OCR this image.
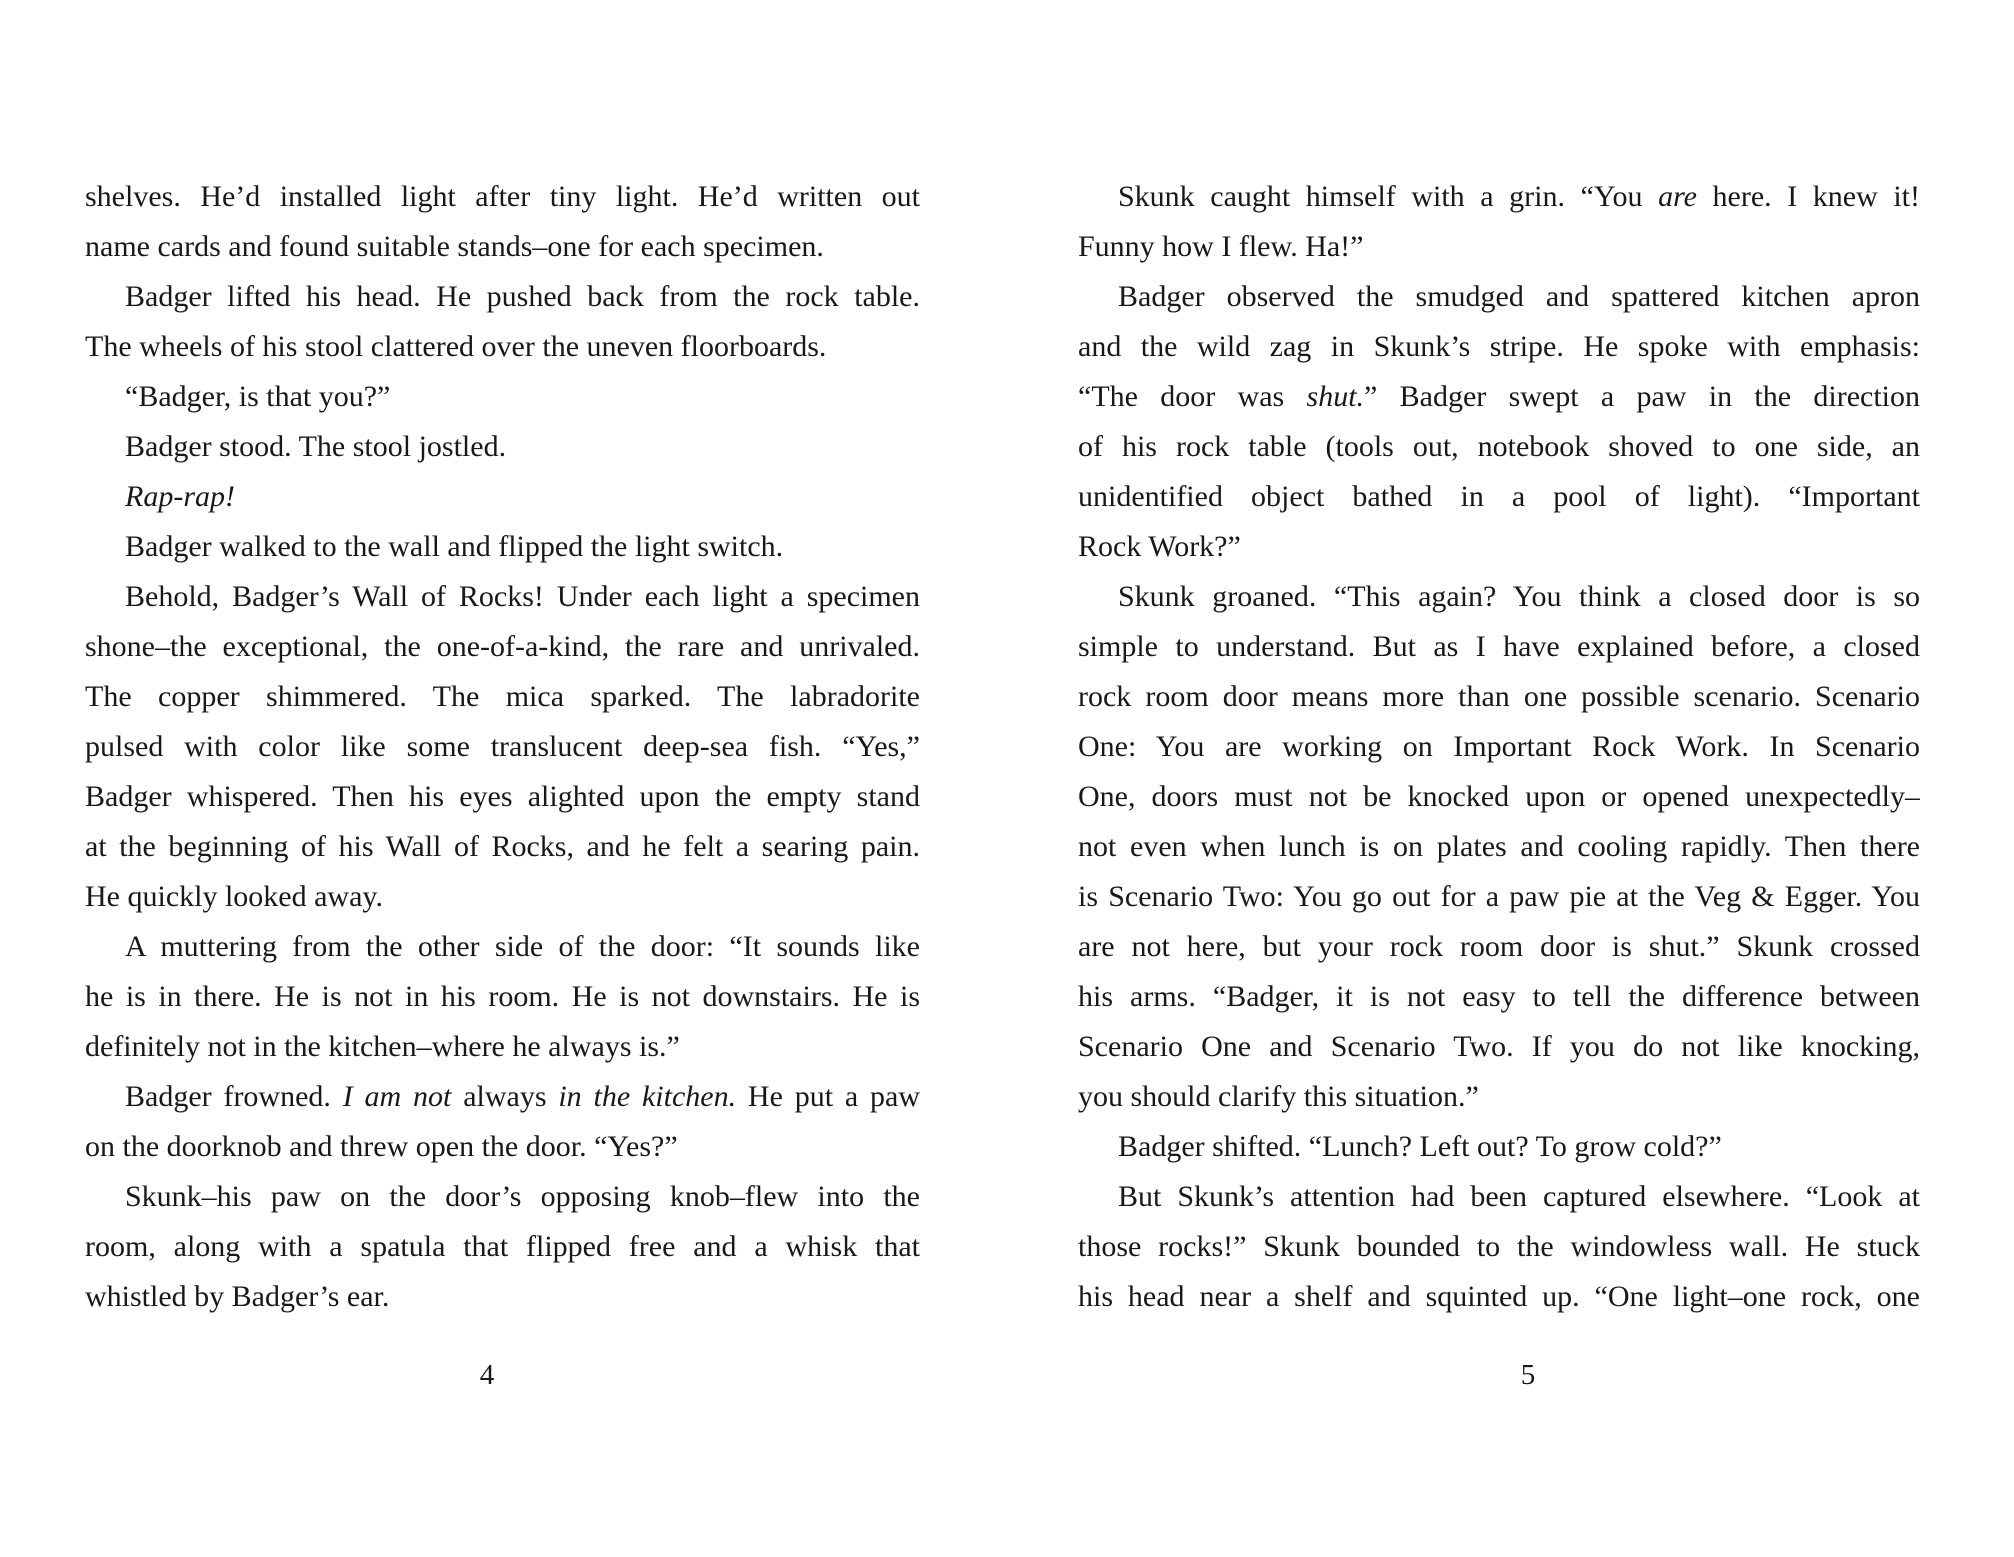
shelves. He’d installed light after tiny light. He’d written out
name cards and found suitable stands–one for each specimen.
Badger lifted his head. He pushed back from the rock table.
The wheels of his stool clattered over the uneven floorboards.
“Badger, is that you?”
Badger stood. The stool jostled.
Rap-rap!
Badger walked to the wall and flipped the light switch.
Behold, Badger’s Wall of Rocks! Under each light a specimen
shone–the exceptional, the one-of-a-kind, the rare and unrivaled.
The copper shimmered. The mica sparked. The labradorite
pulsed with color like some translucent deep-sea fish. “Yes,”
Badger whispered. Then his eyes alighted upon the empty stand
at the beginning of his Wall of Rocks, and he felt a searing pain.
He quickly looked away.
A muttering from the other side of the door: “It sounds like
he is in there. He is not in his room. He is not downstairs. He is
definitely not in the kitchen–where he always is.”
Badger frowned. I am not always in the kitchen. He put a paw
on the doorknob and threw open the door. “Yes?”
Skunk–his paw on the door’s opposing knob–flew into the
room, along with a spatula that flipped free and a whisk that
whistled by Badger’s ear.
Skunk caught himself with a grin. “You are here. I knew it!
Funny how I flew. Ha!”
Badger observed the smudged and spattered kitchen apron
and the wild zag in Skunk’s stripe. He spoke with emphasis:
“The door was shut.” Badger swept a paw in the direction
of his rock table (tools out, notebook shoved to one side, an
unidentified object bathed in a pool of light). “Important
Rock Work?”
Skunk groaned. “This again? You think a closed door is so
simple to understand. But as I have explained before, a closed
rock room door means more than one possible scenario. Scenario
One: You are working on Important Rock Work. In Scenario
One, doors must not be knocked upon or opened unexpectedly–
not even when lunch is on plates and cooling rapidly. Then there
is Scenario Two: You go out for a paw pie at the Veg & Egger. You
are not here, but your rock room door is shut.” Skunk crossed
his arms. “Badger, it is not easy to tell the difference between
Scenario One and Scenario Two. If you do not like knocking,
you should clarify this situation.”
Badger shifted. “Lunch? Left out? To grow cold?”
But Skunk’s attention had been captured elsewhere. “Look at
those rocks!” Skunk bounded to the windowless wall. He stuck
his head near a shelf and squinted up. “One light–one rock, one
4	5
